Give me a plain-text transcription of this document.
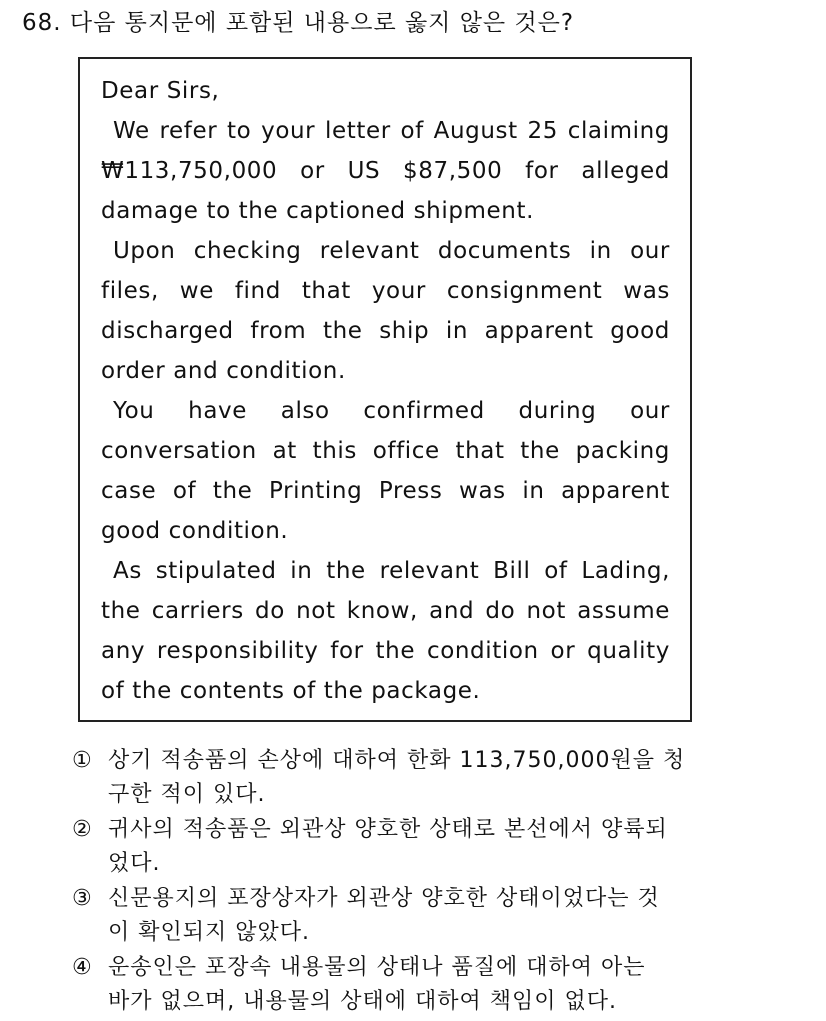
68. 다음 통지문에 포함된 내용으로 옳지 않은 것은?

Dear Sirs,

We refer to your letter of August 25 claiming ₩113,750,000 or US $87,500 for alleged damage to the captioned shipment.

Upon checking relevant documents in our files, we find that your consignment was discharged from the ship in apparent good order and condition.

You have also confirmed during our conversation at this office that the packing case of the Printing Press was in apparent good condition.

As stipulated in the relevant Bill of Lading, the carriers do not know, and do not assume any responsibility for the condition or quality of the contents of the package.

① 상기 적송품의 손상에 대하여 한화 113,750,000원을 청
구한 적이 있다.
② 귀사의 적송품은 외관상 양호한 상태로 본선에서 양륙되
었다.
③ 신문용지의 포장상자가 외관상 양호한 상태이었다는 것
이 확인되지 않았다.
④ 운송인은 포장속 내용물의 상태나 품질에 대하여 아는
바가 없으며, 내용물의 상태에 대하여 책임이 없다.
